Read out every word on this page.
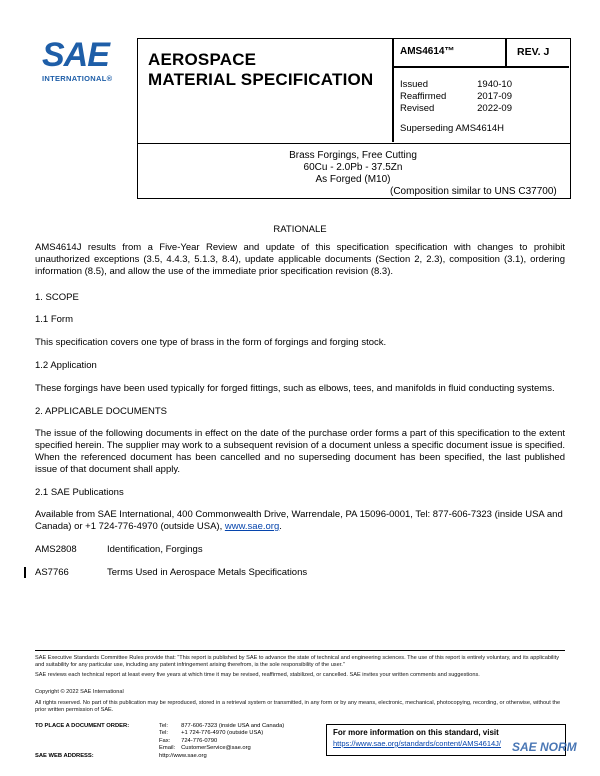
SAE
INTERNATIONAL®
AEROSPACE
MATERIAL SPECIFICATION
AMS4614™	REV. J
Issued	1940-10
Reaffirmed	2017-09
Revised	2022-09
Superseding AMS4614H
Brass Forgings, Free Cutting
60Cu - 2.0Pb - 37.5Zn
As Forged (M10)
(Composition similar to UNS C37700)
RATIONALE
AMS4614J results from a Five-Year Review and update of this specification specification with changes to prohibit unauthorized exceptions (3.5, 4.4.3, 5.1.3, 8.4), update applicable documents (Section 2, 2.3), composition (3.1), ordering information (8.5), and allow the use of the immediate prior specification revision (8.3).
1. SCOPE
1.1 Form
This specification covers one type of brass in the form of forgings and forging stock.
1.2 Application
These forgings have been used typically for forged fittings, such as elbows, tees, and manifolds in fluid conducting systems.
2. APPLICABLE DOCUMENTS
The issue of the following documents in effect on the date of the purchase order forms a part of this specification to the extent specified herein. The supplier may work to a subsequent revision of a document unless a specific document issue is specified. When the referenced document has been cancelled and no superseding document has been specified, the last published issue of that document shall apply.
2.1 SAE Publications
Available from SAE International, 400 Commonwealth Drive, Warrendale, PA 15096-0001, Tel: 877-606-7323 (inside USA and Canada) or +1 724-776-4970 (outside USA), www.sae.org.
AMS2808	Identification, Forgings
AS7766	Terms Used in Aerospace Metals Specifications
SAE Executive Standards Committee Rules provide that: “This report is published by SAE to advance the state of technical and engineering sciences. The use of this report is entirely voluntary, and its applicability and suitability for any particular use, including any patent infringement arising therefrom, is the sole responsibility of the user.”
SAE reviews each technical report at least every five years at which time it may be revised, reaffirmed, stabilized, or cancelled. SAE invites your written comments and suggestions.
Copyright © 2022 SAE International
All rights reserved. No part of this publication may be reproduced, stored in a retrieval system or transmitted, in any form or by any means, electronic, mechanical, photocopying, recording, or otherwise, without the prior written permission of SAE.
TO PLACE A DOCUMENT ORDER:	Tel:	877-606-7323 (inside USA and Canada)
	Tel:	+1 724-776-4970 (outside USA)
	Fax:	724-776-0790
	Email:	CustomerService@sae.org
SAE WEB ADDRESS:	http://www.sae.org	
For more information on this standard, visit
https://www.sae.org/standards/content/AMS4614J/ SAE NORM
